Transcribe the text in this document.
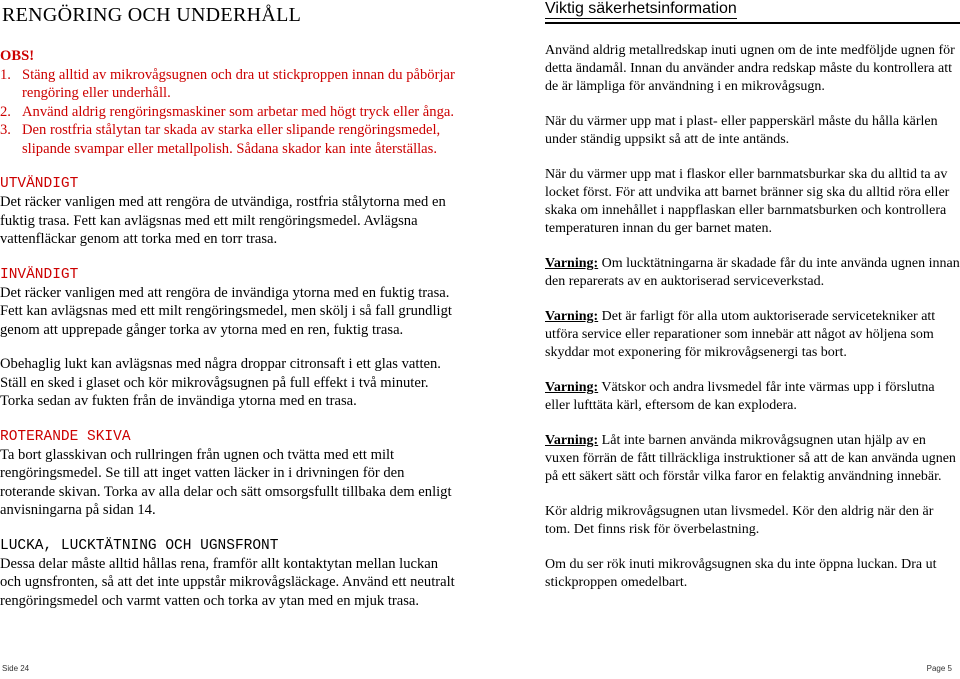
RENGÖRING OCH UNDERHÅLL

OBS!

1. Stäng alltid av mikrovågsugnen och dra ut stickproppen innan du påbörjar rengöring eller underhåll.
2. Använd aldrig rengöringsmaskiner som arbetar med högt tryck eller ånga.
3. Den rostfria stålytan tar skada av starka eller slipande rengöringsmedel, slipande svampar eller metallpolish. Sådana skador kan inte återställas.

UTVÄNDIGT

Det räcker vanligen med att rengöra de utvändiga, rostfria stålytorna med en fuktig trasa. Fett kan avlägsnas med ett milt rengöringsmedel. Avlägsna vattenfläckar genom att torka med en torr trasa.

INVÄNDIGT

Det räcker vanligen med att rengöra de invändiga ytorna med en fuktig trasa. Fett kan avlägsnas med ett milt rengöringsmedel, men skölj i så fall grundligt genom att upprepade gånger torka av ytorna med en ren, fuktig trasa.

Obehaglig lukt kan avlägsnas med några droppar citronsaft i ett glas vatten. Ställ en sked i glaset och kör mikrovågsugnen på full effekt i två minuter. Torka sedan av fukten från de invändiga ytorna med en trasa.

ROTERANDE SKIVA

Ta bort glasskivan och rullringen från ugnen och tvätta med ett milt rengöringsmedel. Se till att inget vatten läcker in i drivningen för den roterande skivan. Torka av alla delar och sätt omsorgsfullt tillbaka dem enligt anvisningarna på sidan 14.

LUCKA, LUCKTÄTNING OCH UGNSFRONT

Dessa delar måste alltid hållas rena, framför allt kontaktytan mellan luckan och ugnsfronten, så att det inte uppstår mikrovågsläckage. Använd ett neutralt rengöringsmedel och varmt vatten och torka av ytan med en mjuk trasa.

Viktig säkerhetsinformation

Använd aldrig metallredskap inuti ugnen om de inte medföljde ugnen för detta ändamål. Innan du använder andra redskap måste du kontrollera att de är lämpliga för användning i en mikrovågsugn.

När du värmer upp mat i plast- eller papperskärl måste du hålla kärlen under ständig uppsikt så att de inte antänds.

När du värmer upp mat i flaskor eller barnmatsburkar ska du alltid ta av locket först. För att undvika att barnet bränner sig ska du alltid röra eller skaka om innehållet i nappflaskan eller barnmatsburken och kontrollera temperaturen innan du ger barnet maten.

Varning: Om lucktätningarna är skadade får du inte använda ugnen innan den reparerats av en auktoriserad serviceverkstad.

Varning: Det är farligt för alla utom auktoriserade servicetekniker att utföra service eller reparationer som innebär att något av höljena som skyddar mot exponering för mikrovågsenergi tas bort.

Varning: Vätskor och andra livsmedel får inte värmas upp i förslutna eller lufttäta kärl, eftersom de kan explodera.

Varning: Låt inte barnen använda mikrovågsugnen utan hjälp av en vuxen förrän de fått tillräckliga instruktioner så att de kan använda ugnen på ett säkert sätt och förstår vilka faror en felaktig användning innebär.

Kör aldrig mikrovågsugnen utan livsmedel. Kör den aldrig när den är tom. Det finns risk för överbelastning.

Om du ser rök inuti mikrovågsugnen ska du inte öppna luckan. Dra ut stickproppen omedelbart.

Side 24	Page 5
